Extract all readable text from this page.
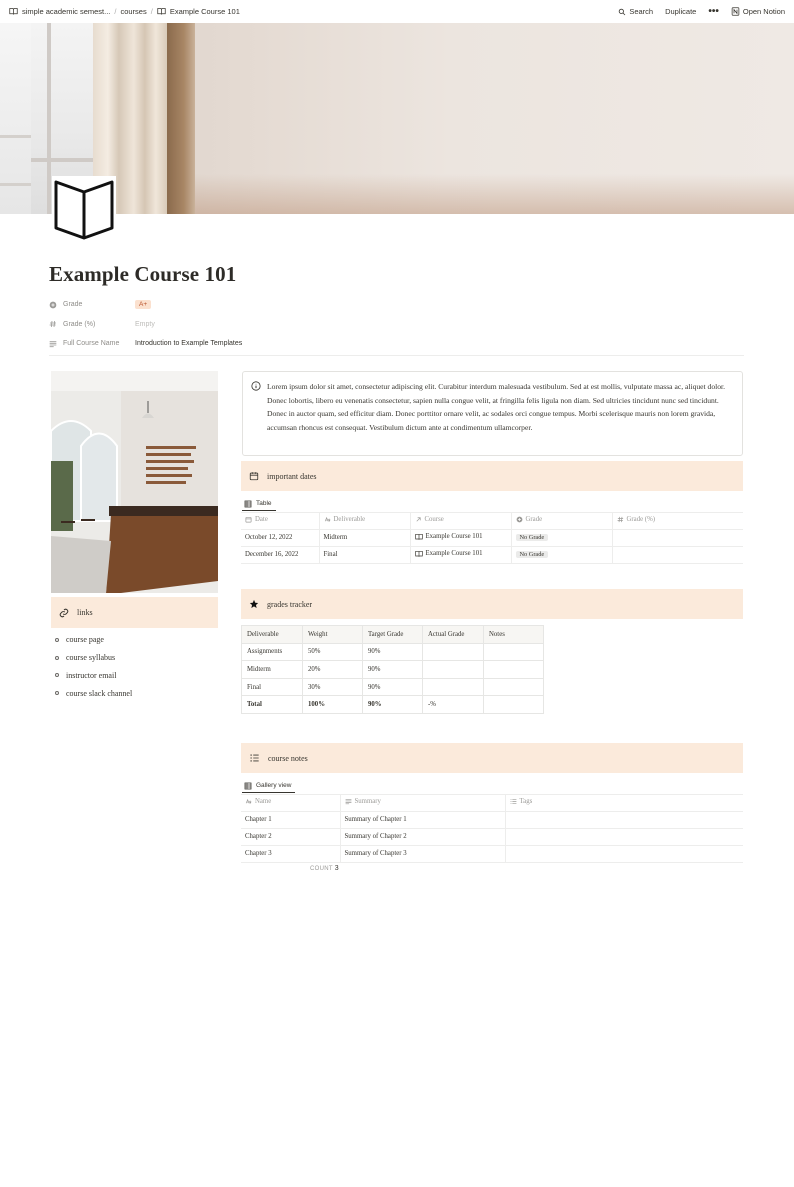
simple academic semest... / courses / Example Course 101	Search Duplicate •••	Open Notion
Example Course 101
Grade	A+
Grade (%)	Empty
Full Course Name Introduction to Example Templates
links
course page
course syllabus
instructor email
course slack channel
Lorem ipsum dolor sit amet, consectetur adipiscing elit. Curabitur interdum malesuada vestibulum. Sed at est mollis, vulputate massa ac, aliquet dolor. Donec lobortis, libero eu venenatis consectetur, sapien nulla congue velit, at fringilla felis ligula non diam. Sed ultricies tincidunt nunc sed tincidunt. Donec in auctor quam, sed efficitur diam. Donec porttitor ornare velit, ac sodales orci congue tempus. Morbi scelerisque mauris non lorem gravida, accumsan rhoncus est consequat. Vestibulum dictum ante at condimentum ullamcorper.
important dates
Table
Date	Deliverable	Course	Grade	Grade (%)

October 12, 2022	Midterm	Example Course 101	No Grade	
December 16, 2022	Final	Example Course 101	No Grade	
grades tracker
Deliverable	Weight	Target Grade	Actual Grade	Notes
Assignments	50%	90%		
Midterm	20%	90%		
Final	30%	90%		
Total	100%	90%	-%	
course notes
Gallery view
Name	Summary	Tags

Chapter 1	Summary of Chapter 1	
Chapter 2	Summary of Chapter 2	
Chapter 3	Summary of Chapter 3	
COUNT 3
